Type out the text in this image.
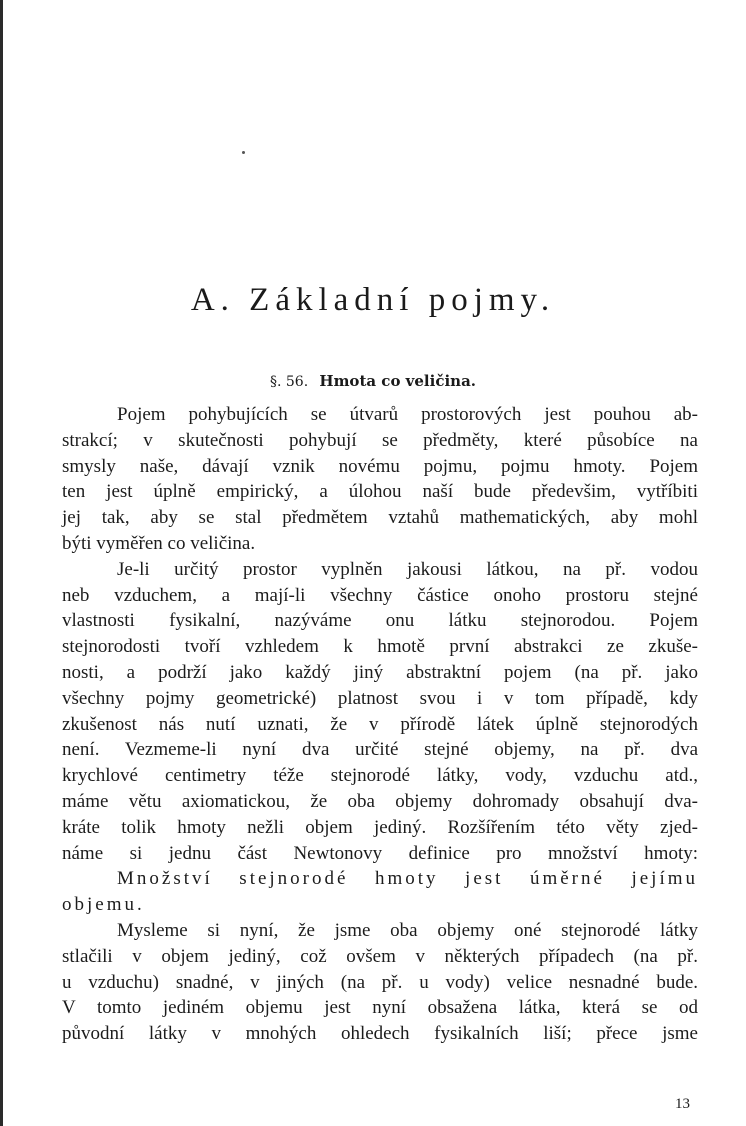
A. Základní pojmy.
§. 56. Hmota co veličina.
Pojem pohybujících se útvarů prostorových jest pouhou ab-
strakcí; v skutečnosti pohybují se předměty, které působíce na
smysly naše, dávají vznik novému pojmu, pojmu hmoty. Pojem
ten jest úplně empirický, a úlohou naší bude předevšim, vytříbiti
jej tak, aby se stal předmětem vztahů mathematických, aby mohl
býti vyměřen co veličina.
Je-li určitý prostor vyplněn jakousi látkou, na př. vodou
neb vzduchem, a mají-li všechny částice onoho prostoru stejné
vlastnosti fysikalní, nazýváme onu látku stejnorodou. Pojem
stejnorodosti tvoří vzhledem k hmotě první abstrakci ze zkuše-
nosti, a podrží jako každý jiný abstraktní pojem (na př. jako
všechny pojmy geometrické) platnost svou i v tom případě, kdy
zkušenost nás nutí uznati, že v přírodě látek úplně stejnorodých
není. Vezmeme-li nyní dva určité stejné objemy, na př. dva
krychlové centimetry téže stejnorodé látky, vody, vzduchu atd.,
máme větu axiomatickou, že oba objemy dohromady obsahují dva-
kráte tolik hmoty nežli objem jediný. Rozšířením této věty zjed-
náme si jednu část Newtonovy definice pro množství hmoty:
Množství stejnorodé hmoty jest úměrné jejímu
objemu.
Mysleme si nyní, že jsme oba objemy oné stejnorodé látky
stlačili v objem jediný, což ovšem v některých případech (na př.
u vzduchu) snadné, v jiných (na př. u vody) velice nesnadné bude.
V tomto jediném objemu jest nyní obsažena látka, která se od
původní látky v mnohých ohledech fysikalních liší; přece jsme
13
